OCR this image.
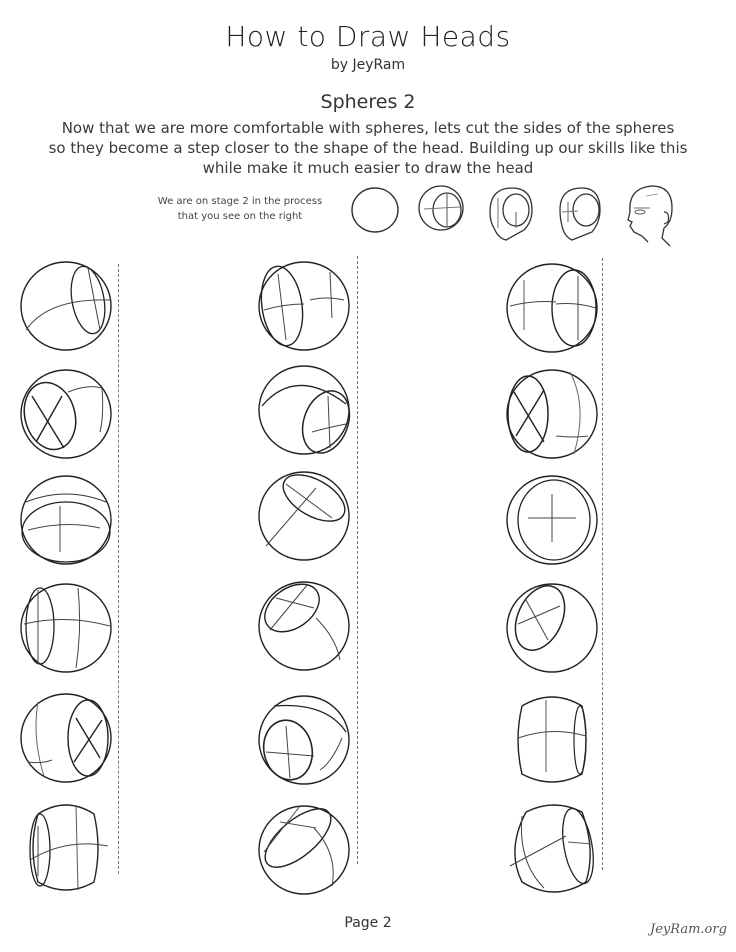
How to Draw Heads
by JeyRam
Spheres 2
Now that we are more comfortable with spheres, lets cut the sides of the spheres
so they become a step closer to the shape of the head. Building up our skills like this
while make it much easier to draw the head
We are on stage 2 in the process
that you see on the right
Page 2	JeyRam.org
